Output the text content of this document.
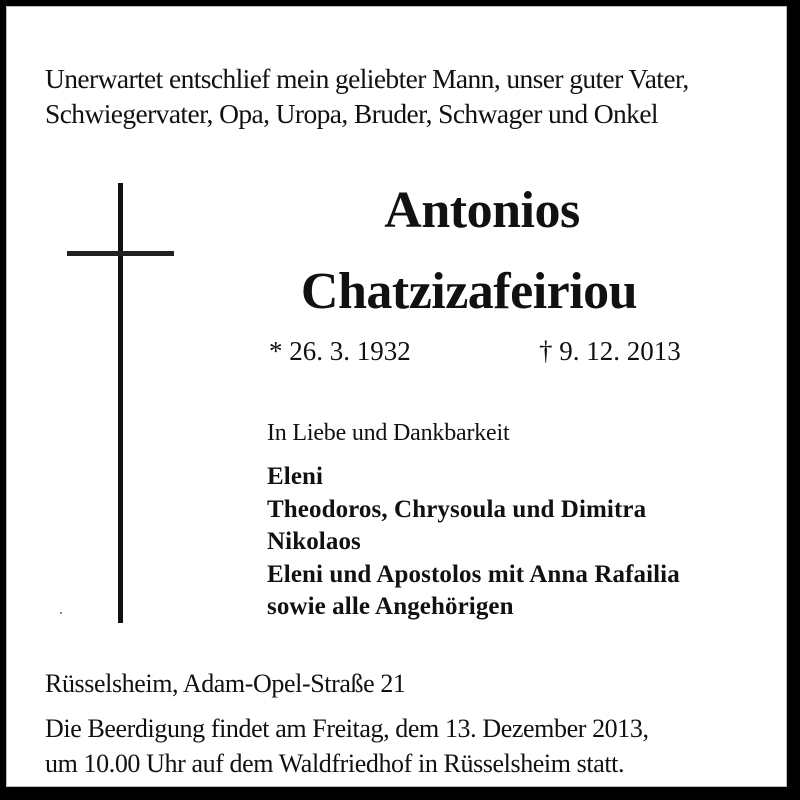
Unerwartet entschlief mein geliebter Mann, unser guter Vater,
Schwiegervater, Opa, Uropa, Bruder, Schwager und Onkel
Antonios
Chatzizafeiriou
* 26. 3. 1932	† 9. 12. 2013
In Liebe und Dankbarkeit
Eleni
Theodoros, Chrysoula und Dimitra
Nikolaos
Eleni und Apostolos mit Anna Rafailia
sowie alle Angehörigen
Rüsselsheim, Adam-Opel-Straße 21
Die Beerdigung findet am Freitag, dem 13. Dezember 2013,
um 10.00 Uhr auf dem Waldfriedhof in Rüsselsheim statt.
